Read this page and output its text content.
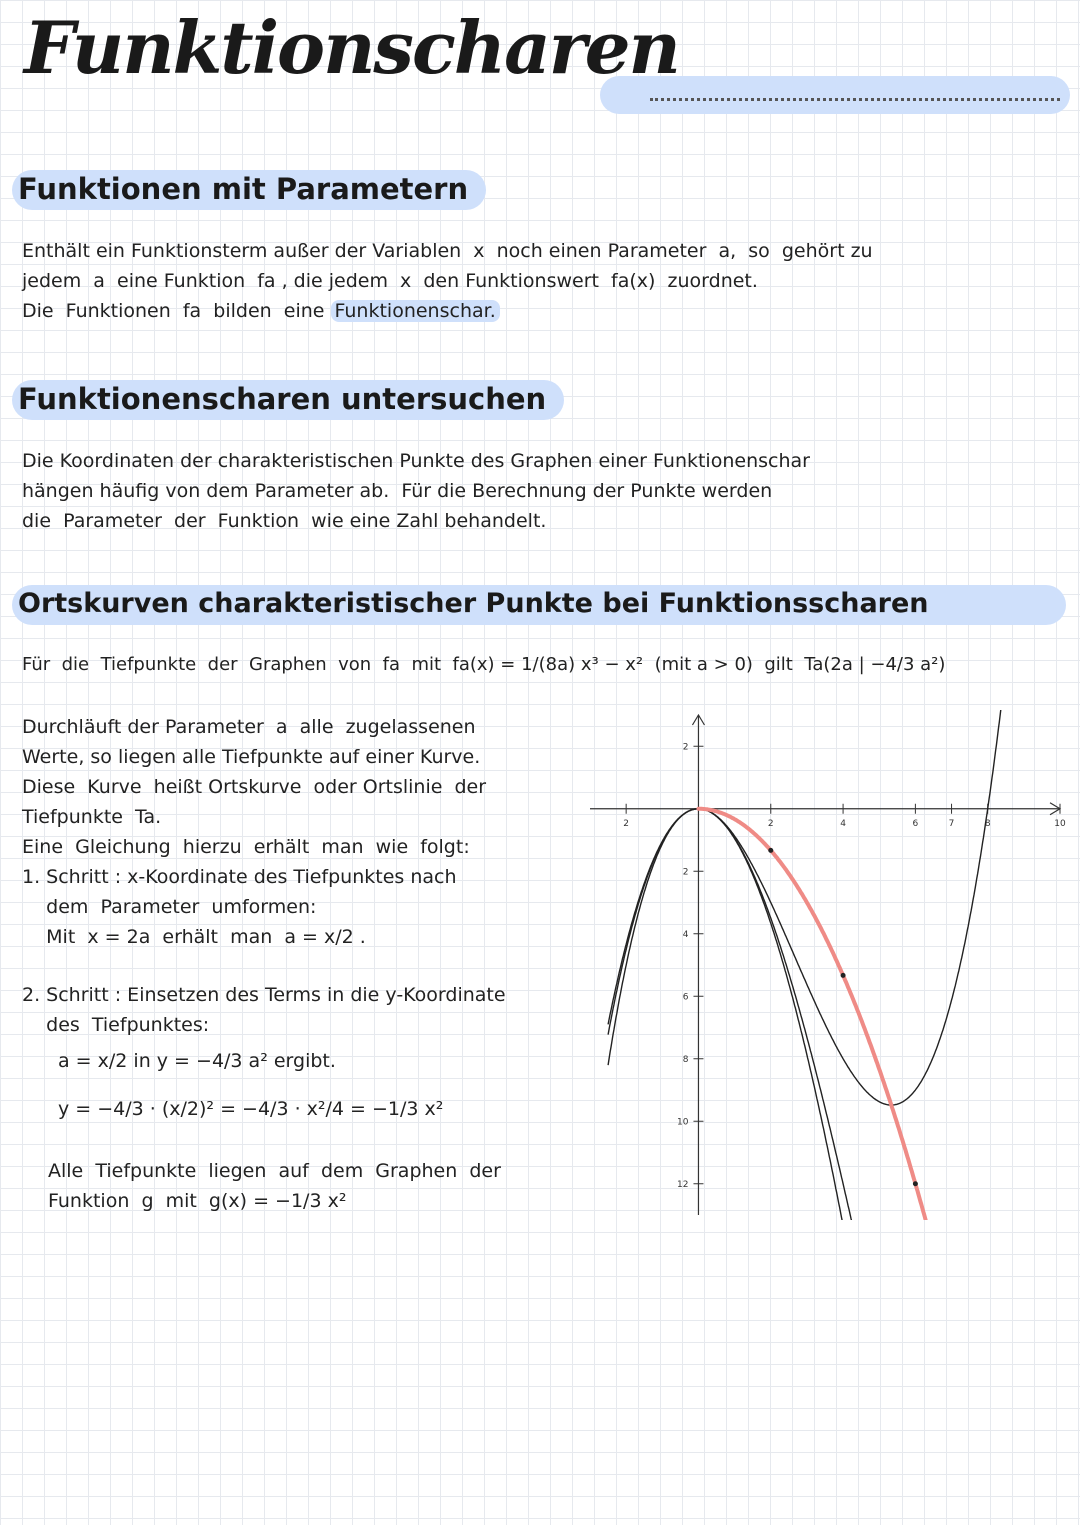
Funktionscharen
Funktionen mit Parametern
Enthält ein Funktionsterm außer der Variablen  x  noch einen Parameter  a,  so  gehört zu
jedem  a  eine Funktion  fa , die jedem  x  den Funktionswert  fa(x)  zuordnet.
Die  Funktionen  fa  bilden  eine Funktionenschar.
Funktionenscharen untersuchen
Die Koordinaten der charakteristischen Punkte des Graphen einer Funktionenschar
hängen häufig von dem Parameter ab.  Für die Berechnung der Punkte werden
die  Parameter  der  Funktion  wie eine Zahl behandelt.
Ortskurven charakteristischer Punkte bei Funktionsscharen
Für  die  Tiefpunkte  der  Graphen  von  fa  mit  fa(x) = 1/(8a) x³ − x²  (mit a > 0)  gilt  Ta(2a | −4/3 a²)
Durchläuft der Parameter  a  alle  zugelassenen
Werte, so liegen alle Tiefpunkte auf einer Kurve.
Diese  Kurve  heißt Ortskurve  oder Ortslinie  der
Tiefpunkte  Ta.
Eine  Gleichung  hierzu  erhält  man  wie  folgt:
1. Schritt : x-Koordinate des Tiefpunktes nach
dem  Parameter  umformen:
Mit  x = 2a  erhält  man  a = x/2 .
2. Schritt : Einsetzen des Terms in die y-Koordinate
des  Tiefpunktes:
a = x/2 in y = −4/3 a² ergibt.
y = −4/3 · (x/2)² = −4/3 · x²/4 = −1/3 x²
Alle  Tiefpunkte  liegen  auf  dem  Graphen  der
Funktion  g  mit  g(x) = −1/3 x²
2	2	4	6	7	8	10
2
2
4
6
8
10
12
